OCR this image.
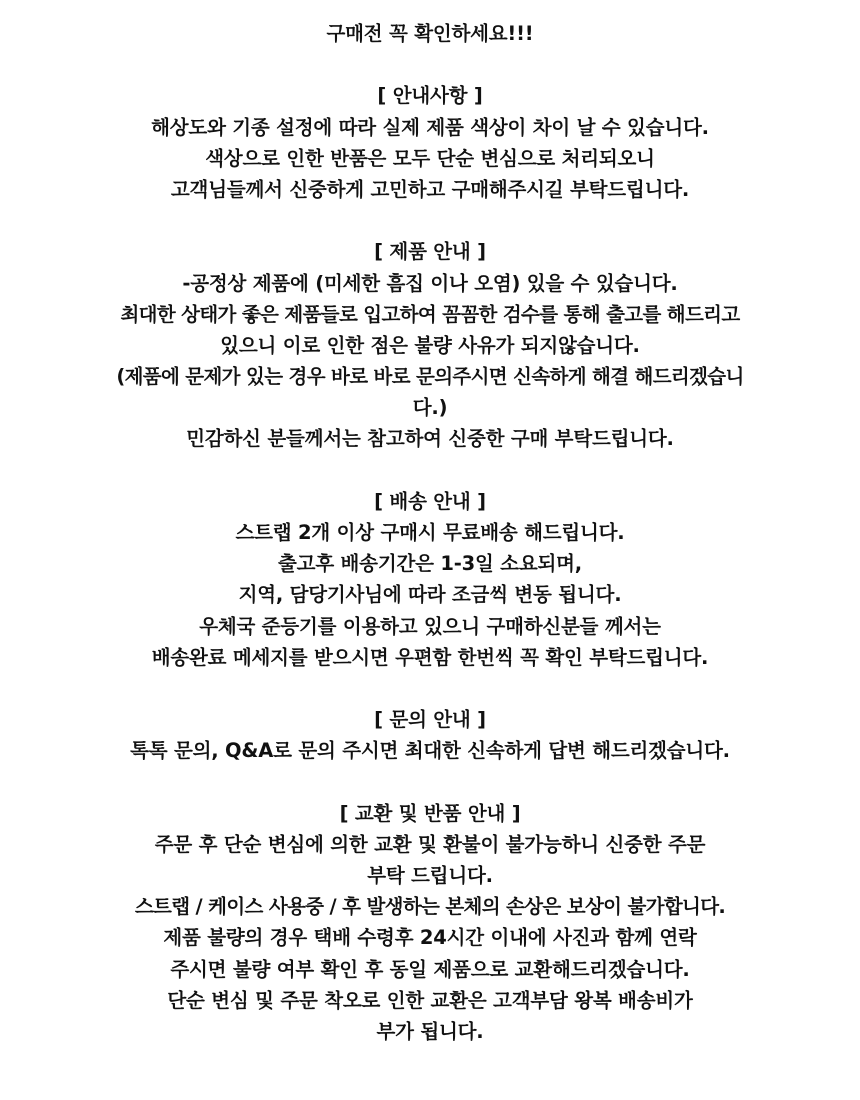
구매전 꼭 확인하세요!!!
[ 안내사항 ]
해상도와 기종 설정에 따라 실제 제품 색상이 차이 날 수 있습니다.
색상으로 인한 반품은 모두 단순 변심으로 처리되오니
고객님들께서 신중하게 고민하고 구매해주시길 부탁드립니다.
[ 제품 안내 ]
-공정상 제품에 (미세한 흠집 이나 오염) 있을 수 있습니다.
최대한 상태가 좋은 제품들로 입고하여 꼼꼼한 검수를 통해 출고를 해드리고
있으니 이로 인한 점은 불량 사유가 되지않습니다.
(제품에 문제가 있는 경우 바로 바로 문의주시면 신속하게 해결 해드리겠습니
다.)
민감하신 분들께서는 참고하여 신중한 구매 부탁드립니다.
[ 배송 안내 ]
스트랩 2개 이상 구매시 무료배송 해드립니다.
출고후 배송기간은 1-3일 소요되며,
지역, 담당기사님에 따라 조금씩 변동 됩니다.
우체국 준등기를 이용하고 있으니 구매하신분들 께서는
배송완료 메세지를 받으시면 우편함 한번씩 꼭 확인 부탁드립니다.
[ 문의 안내 ]
톡톡 문의, Q&A로 문의 주시면 최대한 신속하게 답변 해드리겠습니다.
[ 교환 및 반품 안내 ]
주문 후 단순 변심에 의한 교환 및 환불이 불가능하니 신중한 주문
부탁 드립니다.
스트랩 / 케이스 사용중 / 후 발생하는 본체의 손상은 보상이 불가합니다.
제품 불량의 경우 택배 수령후 24시간 이내에 사진과 함께 연락
주시면 불량 여부 확인 후 동일 제품으로 교환해드리겠습니다.
단순 변심 및 주문 착오로 인한 교환은 고객부담 왕복 배송비가
부가 됩니다.
